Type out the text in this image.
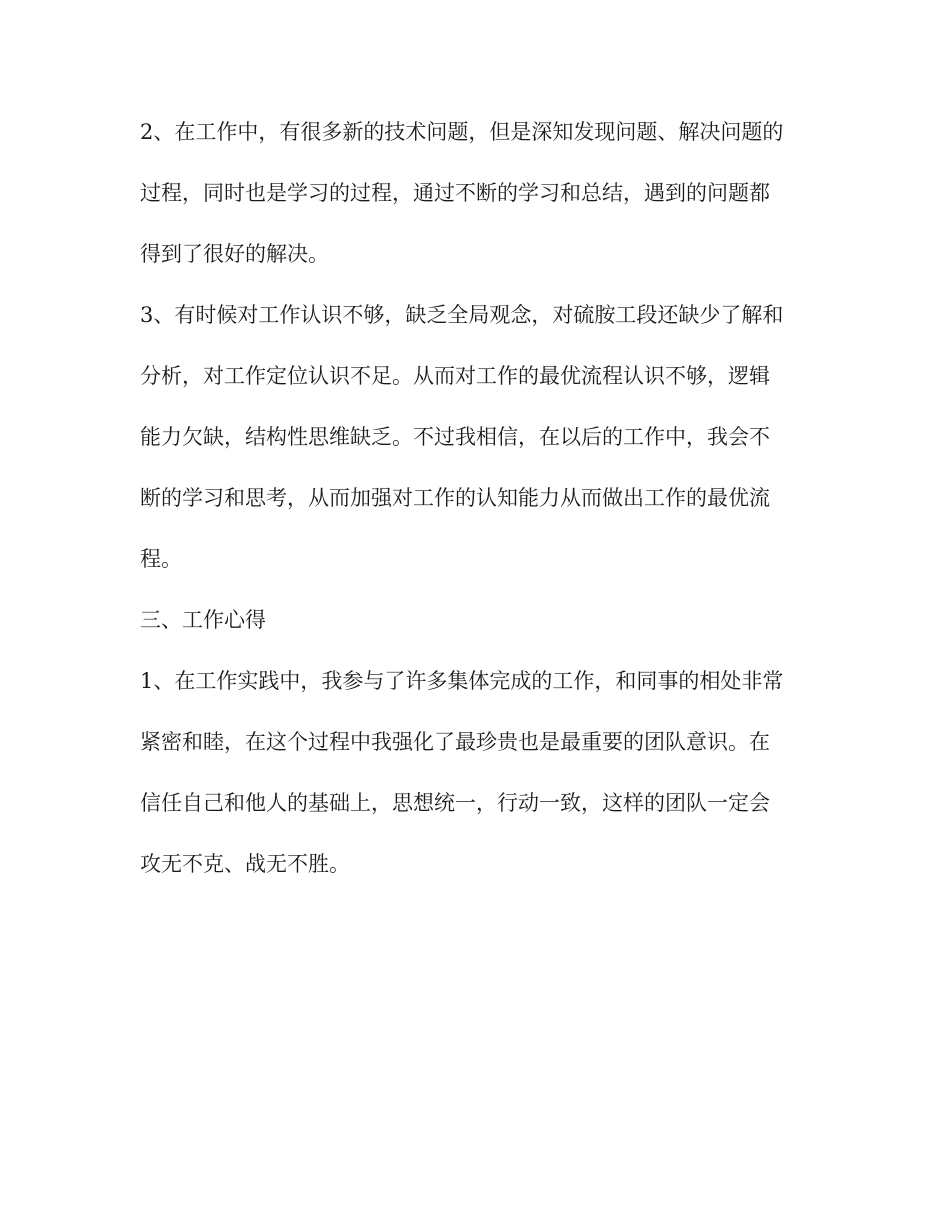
2、在工作中，有很多新的技术问题，但是深知发现问题、解决问题的
过程，同时也是学习的过程，通过不断的学习和总结，遇到的问题都
得到了很好的解决。
3、有时候对工作认识不够，缺乏全局观念，对硫胺工段还缺少了解和
分析，对工作定位认识不足。从而对工作的最优流程认识不够，逻辑
能力欠缺，结构性思维缺乏。不过我相信，在以后的工作中，我会不
断的学习和思考，从而加强对工作的认知能力从而做出工作的最优流
程。
三、工作心得
1、在工作实践中，我参与了许多集体完成的工作，和同事的相处非常
紧密和睦，在这个过程中我强化了最珍贵也是最重要的团队意识。在
信任自己和他人的基础上，思想统一，行动一致，这样的团队一定会
攻无不克、战无不胜。
